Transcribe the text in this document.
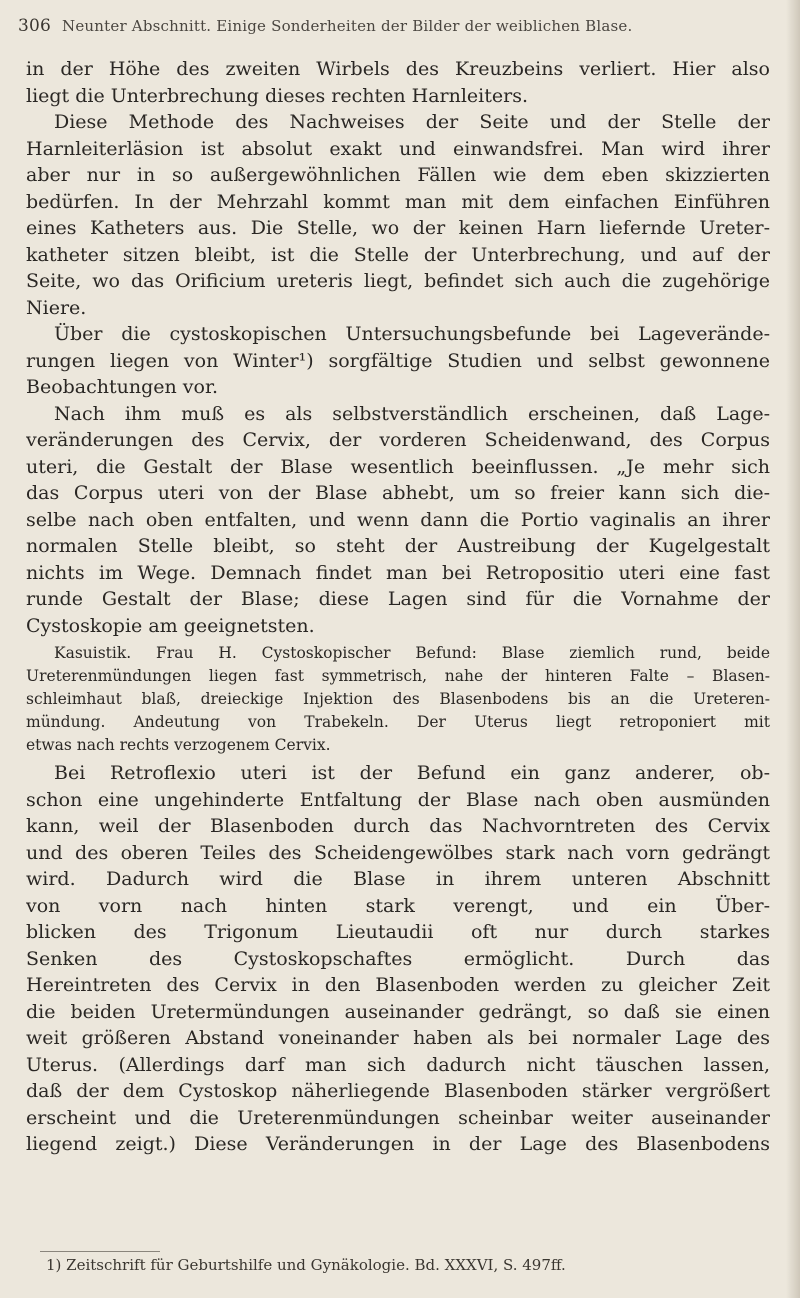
306 Neunter Abschnitt. Einige Sonderheiten der Bilder der weiblichen Blase.
in der Höhe des zweiten Wirbels des Kreuzbeins verliert. Hier also
liegt die Unterbrechung dieses rechten Harnleiters.
Diese Methode des Nachweises der Seite und der Stelle der
Harnleiterläsion ist absolut exakt und einwandsfrei. Man wird ihrer
aber nur in so außergewöhnlichen Fällen wie dem eben skizzierten
bedürfen. In der Mehrzahl kommt man mit dem einfachen Einführen
eines Katheters aus. Die Stelle, wo der keinen Harn liefernde Ureter-
katheter sitzen bleibt, ist die Stelle der Unterbrechung, und auf der
Seite, wo das Orificium ureteris liegt, befindet sich auch die zugehörige
Niere.
Über die cystoskopischen Untersuchungsbefunde bei Lageverände-
rungen liegen von Winter¹) sorgfältige Studien und selbst gewonnene
Beobachtungen vor.
Nach ihm muß es als selbstverständlich erscheinen, daß Lage-
veränderungen des Cervix, der vorderen Scheidenwand, des Corpus
uteri, die Gestalt der Blase wesentlich beeinflussen. „Je mehr sich
das Corpus uteri von der Blase abhebt, um so freier kann sich die-
selbe nach oben entfalten, und wenn dann die Portio vaginalis an ihrer
normalen Stelle bleibt, so steht der Austreibung der Kugelgestalt
nichts im Wege. Demnach findet man bei Retropositio uteri eine fast
runde Gestalt der Blase; diese Lagen sind für die Vornahme der
Cystoskopie am geeignetsten.
Kasuistik. Frau H. Cystoskopischer Befund: Blase ziemlich rund, beide
Ureterenmündungen liegen fast symmetrisch, nahe der hinteren Falte – Blasen-
schleimhaut blaß, dreieckige Injektion des Blasenbodens bis an die Ureteren-
mündung. Andeutung von Trabekeln. Der Uterus liegt retroponiert mit
etwas nach rechts verzogenem Cervix.
Bei Retroflexio uteri ist der Befund ein ganz anderer, ob-
schon eine ungehinderte Entfaltung der Blase nach oben ausmünden
kann, weil der Blasenboden durch das Nachvorntreten des Cervix
und des oberen Teiles des Scheidengewölbes stark nach vorn gedrängt
wird. Dadurch wird die Blase in ihrem unteren Abschnitt
von vorn nach hinten stark verengt, und ein Über-
blicken des Trigonum Lieutaudii oft nur durch starkes
Senken des Cystoskopschaftes ermöglicht. Durch das
Hereintreten des Cervix in den Blasenboden werden zu gleicher Zeit
die beiden Uretermündungen auseinander gedrängt, so daß sie einen
weit größeren Abstand voneinander haben als bei normaler Lage des
Uterus. (Allerdings darf man sich dadurch nicht täuschen lassen,
daß der dem Cystoskop näherliegende Blasenboden stärker vergrößert
erscheint und die Ureterenmündungen scheinbar weiter auseinander
liegend zeigt.) Diese Veränderungen in der Lage des Blasenbodens
1) Zeitschrift für Geburtshilfe und Gynäkologie. Bd. XXXVI, S. 497ff.
